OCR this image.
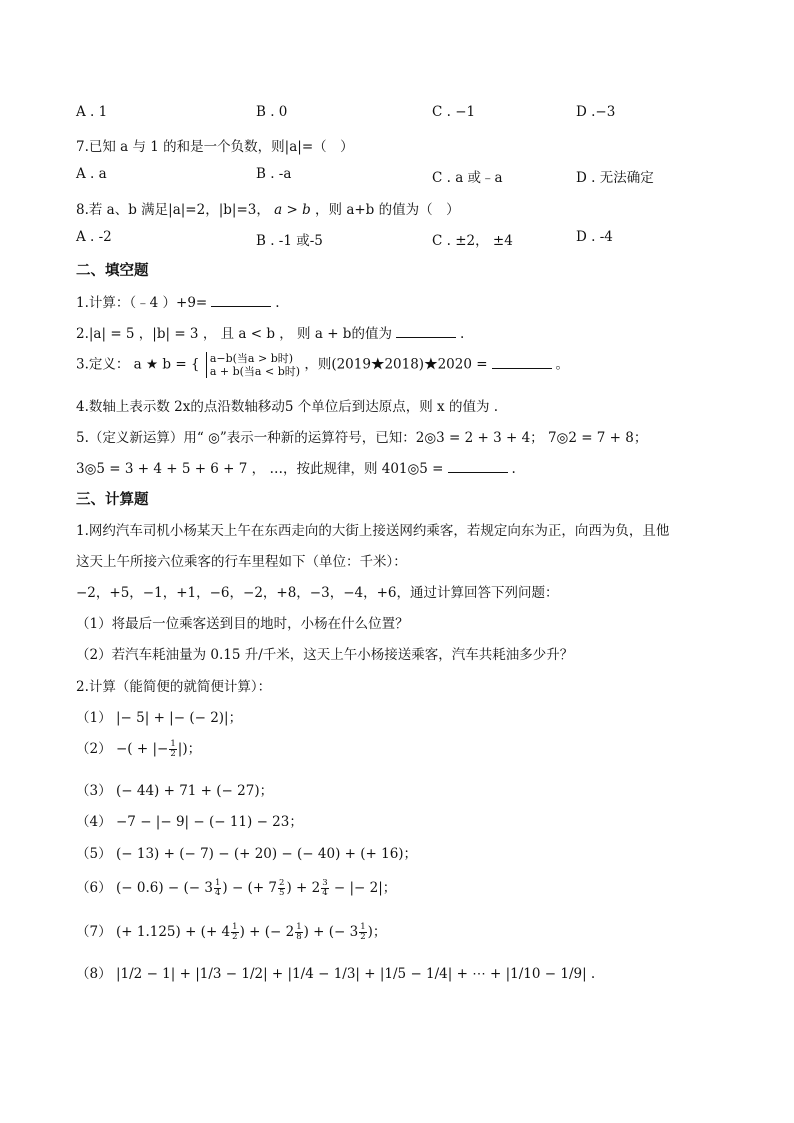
A . 1	B . 0	C . −1	D .−3
7.已知 a 与 1 的和是一个负数，则|a|=（　）
A . a	B . -a	C . a 或﹣a	D . 无法确定
8.若 a、b 满足|a|=2，|b|=3， a > b ，则 a+b 的值为（　）
A . -2	B . -1 或-5	C . ±2， ±4	D . -4
二、填空题
1.计算：（﹣4 ）+9=	.
2.|a| = 5 ，|b| = 3 ， 且 a < b ， 则 a + b的值为	.
3.定义： a ★ b = { a−b(当a > b时)
a + b(当a < b时) ，则(2019★2018)★2020 =	。
4.数轴上表示数 2x的点沿数轴移动5 个单位后到达原点，则 x 的值为 .
5.（定义新运算）用“ ◎”表示一种新的运算符号，已知：2◎3 = 2 + 3 + 4； 7◎2 = 7 + 8；
3◎5 = 3 + 4 + 5 + 6 + 7 ， …，按此规律，则 401◎5 =	.
三、计算题
1.网约汽车司机小杨某天上午在东西走向的大街上接送网约乘客，若规定向东为正，向西为负，且他
这天上午所接六位乘客的行车里程如下（单位：千米）：
−2，+5，−1，+1，−6，−2，+8，−3，−4，+6，通过计算回答下列问题：
（1）将最后一位乘客送到目的地时，小杨在什么位置？
（2）若汽车耗油量为 0.15 升/千米，这天上午小杨接送乘客，汽车共耗油多少升？
2.计算（能简便的就简便计算）：
（1） |− 5| + |− (− 2)|；
（2） −( + |− $\frac{1}{2}$ |)；
（3） (− 44) + 71 + (− 27)；
（4） −7 − |− 9| − (− 11) − 23；
（5） (− 13) + (− 7) − (+ 20) − (− 40) + (+ 16)；
（6） (− 0.6) − (− $3 \frac{1}{4}$ ) − (+ $7 \frac{2}{5}$ ) + $2 \frac{3}{4}$ − |− 2|；
（7） (+ 1.125) + (+ $4 \frac{1}{2}$ ) + (− $2 \frac{1}{8}$ ) + (− $3 \frac{1}{2}$ )；
（8） |1/2 − 1| + |1/3 − 1/2| + |1/4 − 1/3| + |1/5 − 1/4| + ⋯ + |1/10 − 1/9| .
